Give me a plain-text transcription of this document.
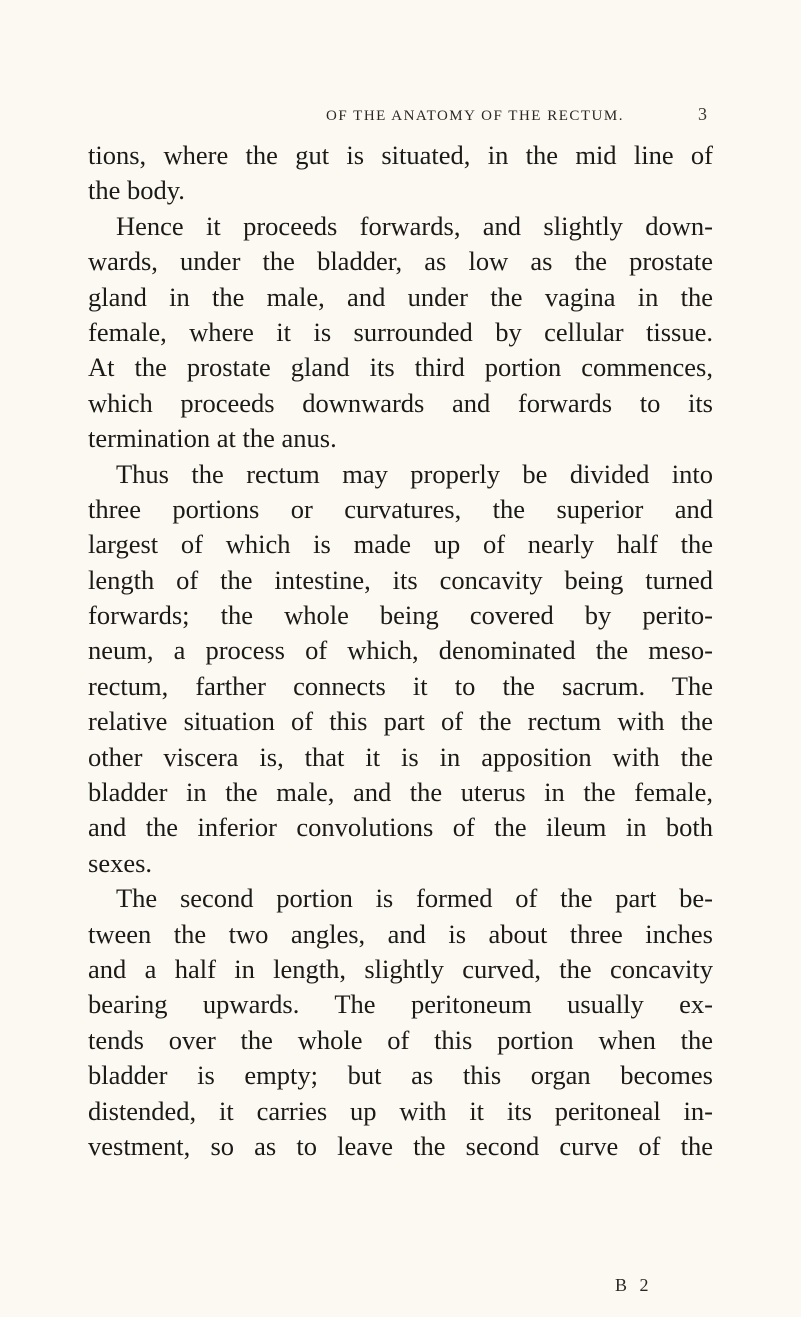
OF THE ANATOMY OF THE RECTUM.	3
tions, where the gut is situated, in the mid line of
the body.
Hence it proceeds forwards, and slightly down-
wards, under the bladder, as low as the prostate
gland in the male, and under the vagina in the
female, where it is surrounded by cellular tissue.
At the prostate gland its third portion commences,
which proceeds downwards and forwards to its
termination at the anus.
Thus the rectum may properly be divided into
three portions or curvatures, the superior and
largest of which is made up of nearly half the
length of the intestine, its concavity being turned
forwards; the whole being covered by perito-
neum, a process of which, denominated the meso-
rectum, farther connects it to the sacrum. The
relative situation of this part of the rectum with the
other viscera is, that it is in apposition with the
bladder in the male, and the uterus in the female,
and the inferior convolutions of the ileum in both
sexes.
The second portion is formed of the part be-
tween the two angles, and is about three inches
and a half in length, slightly curved, the concavity
bearing upwards. The peritoneum usually ex-
tends over the whole of this portion when the
bladder is empty; but as this organ becomes
distended, it carries up with it its peritoneal in-
vestment, so as to leave the second curve of the
B 2
